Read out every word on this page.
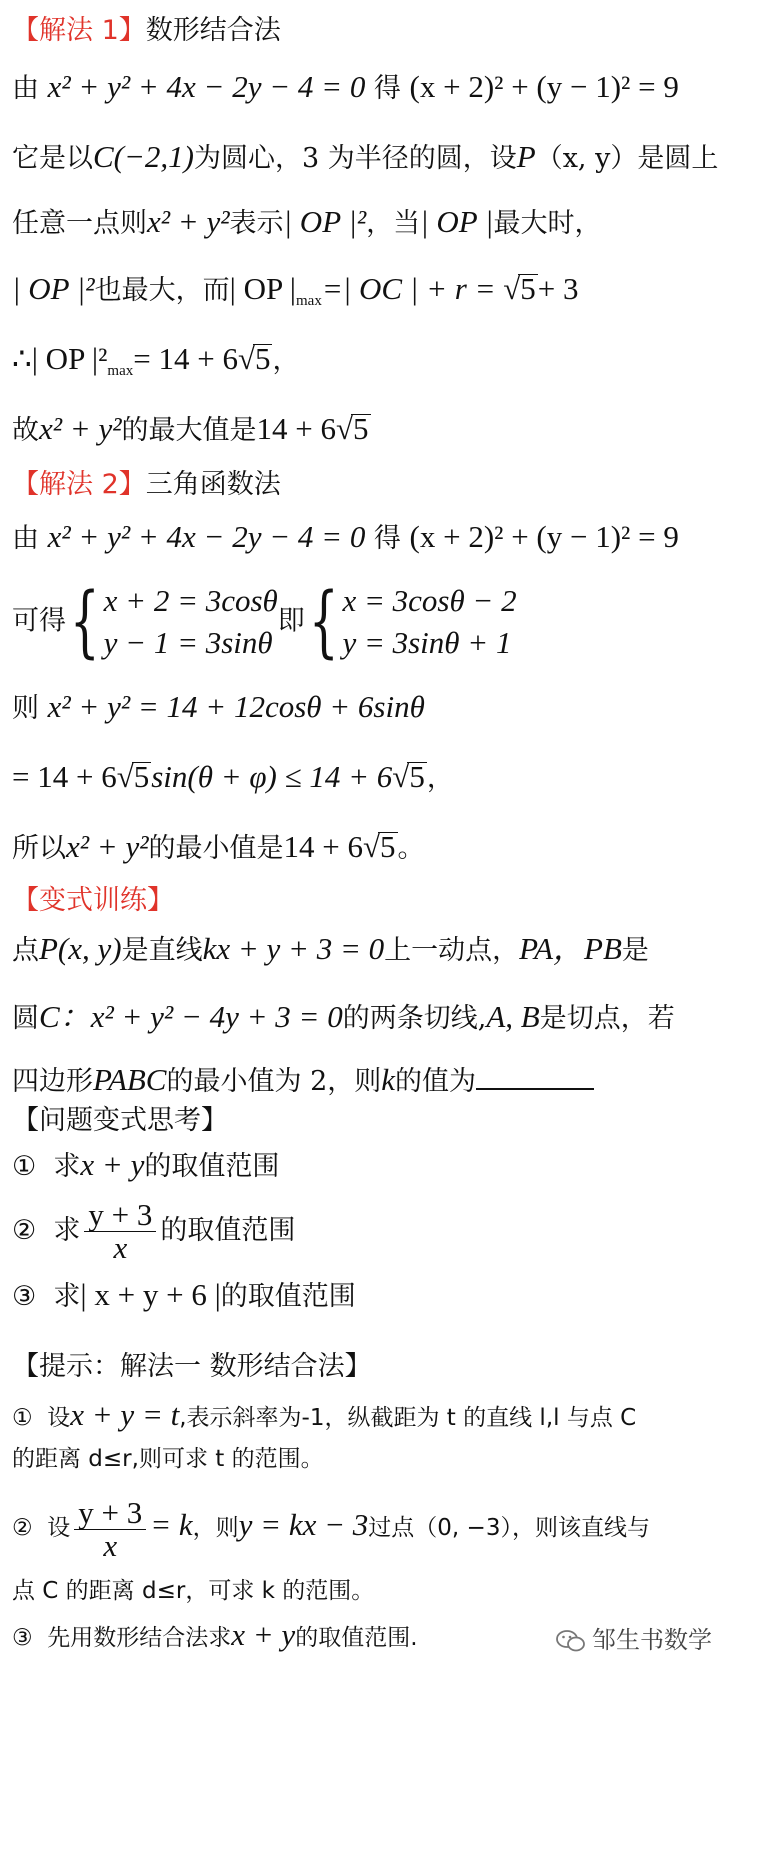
【解法 1】数形结合法
由 x² + y² + 4x − 2y − 4 = 0 得 (x + 2)² + (y − 1)² = 9
它是以C(−2,1)为圆心，3 为半径的圆，设P（x, y）是圆上
任意一点则x² + y²表示| OP |²，当| OP |最大时，
| OP |²也最大，而| OP $|_{max}=|$ OC | + r = √5+ 3
∴| OP $|^2_{max}= 14 + 6√5$，
故x² + y²的最大值是14 + 6√5
【解法 2】三角函数法
由 x² + y² + 4x − 2y − 4 = 0 得 (x + 2)² + (y − 1)² = 9
可得{ x + 2 = 3cosθ
y − 1 = 3sinθ
即{ x = 3cosθ − 2
y = 3sinθ + 1
则 x² + y² = 14 + 12cosθ + 6sinθ
= 14 + 6√5sin(θ + φ) ≤ 14 + 6√5，
所以x² + y²的最小值是14 + 6√5。
【变式训练】
点P(x, y)是直线kx + y + 3 = 0上一动点，PA，PB是
圆C：x² + y² − 4y + 3 = 0的两条切线,A, B是切点，若
四边形PABC的最小值为 2，则k的值为
【问题变式思考】
① 求x + y的取值范围
② 求 $\frac{y + 3}{x}$ 的取值范围
③ 求| x + y + 6 |的取值范围
【提示：解法一 数形结合法】
① 设x + y = t,表示斜率为-1，纵截距为 t 的直线 l,l 与点 C
的距离 d≤r,则可求 t 的范围。
② 设 $\frac{y + 3}{x} = k$，则y = kx − 3过点（0, −3），则该直线与
点 C 的距离 d≤r，可求 k 的范围。
③ 先用数形结合法求x + y的取值范围.	邹生书数学
